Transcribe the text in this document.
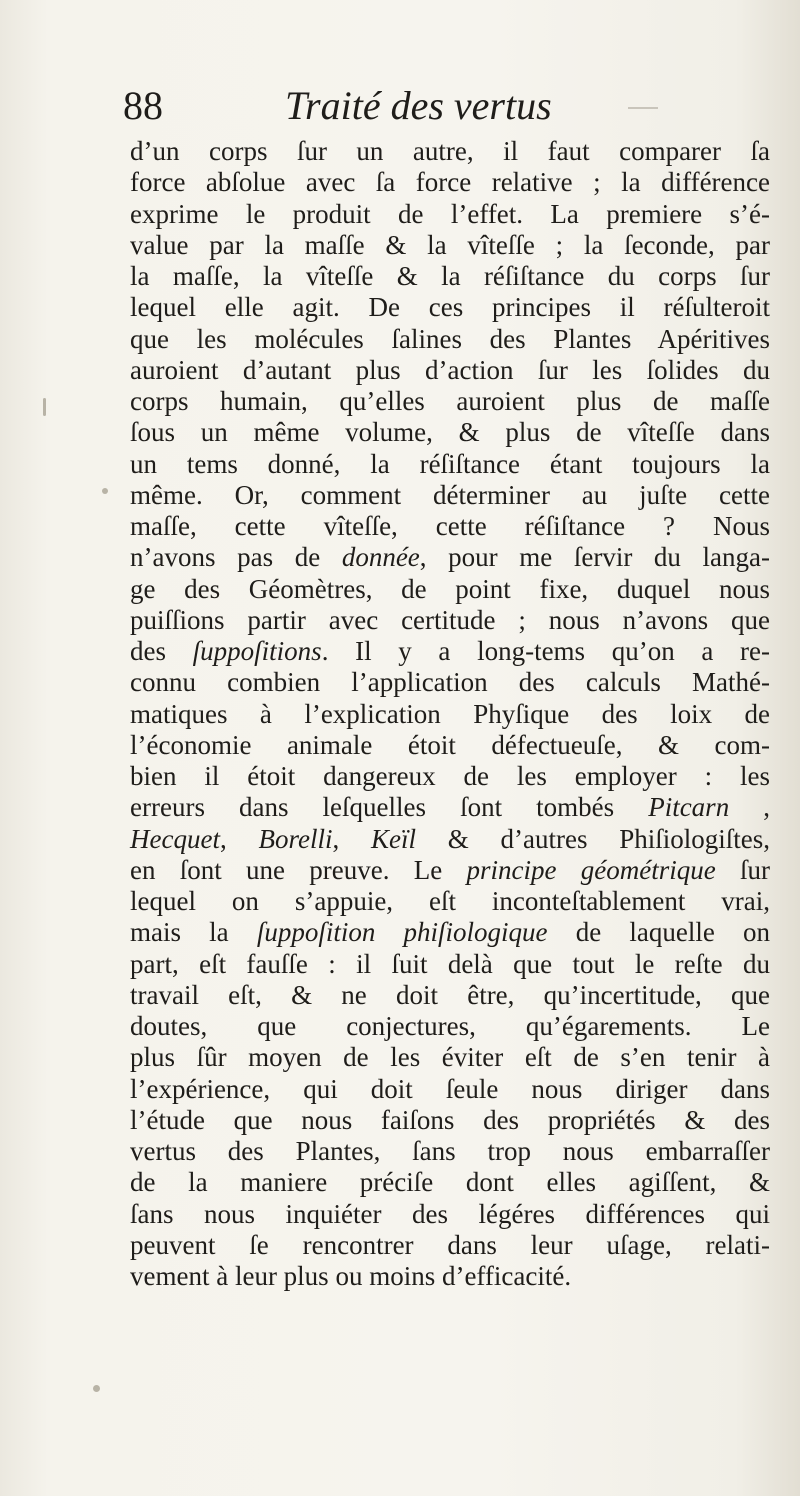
88	Traité des vertus
d’un corps ſur un autre, il faut comparer ſa
force abſolue avec ſa force relative ; la différence
exprime le produit de l’effet. La premiere s’é-
value par la maſſe & la vîteſſe ; la ſeconde, par
la maſſe, la vîteſſe & la réſiſtance du corps ſur
lequel elle agit. De ces principes il réſulteroit
que les molécules ſalines des Plantes Apéritives
auroient d’autant plus d’action ſur les ſolides du
corps humain, qu’elles auroient plus de maſſe
ſous un même volume, & plus de vîteſſe dans
un tems donné, la réſiſtance étant toujours la
même. Or, comment déterminer au juſte cette
maſſe, cette vîteſſe, cette réſiſtance ? Nous
n’avons pas de donnée, pour me ſervir du langa-
ge des Géomètres, de point fixe, duquel nous
puiſſions partir avec certitude ; nous n’avons que
des ſuppoſitions. Il y a long-tems qu’on a re-
connu combien l’application des calculs Mathé-
matiques à l’explication Phyſique des loix de
l’économie animale étoit défectueuſe, & com-
bien il étoit dangereux de les employer : les
erreurs dans leſquelles ſont tombés Pitcarn ,
Hecquet, Borelli, Keïl & d’autres Phiſiologiſtes,
en ſont une preuve. Le principe géométrique ſur
lequel on s’appuie, eſt inconteſtablement vrai,
mais la ſuppoſition phiſiologique de laquelle on
part, eſt fauſſe : il ſuit delà que tout le reſte du
travail eſt, & ne doit être, qu’incertitude, que
doutes, que conjectures, qu’égarements. Le
plus ſûr moyen de les éviter eſt de s’en tenir à
l’expérience, qui doit ſeule nous diriger dans
l’étude que nous faiſons des propriétés & des
vertus des Plantes, ſans trop nous embarraſſer
de la maniere préciſe dont elles agiſſent, &
ſans nous inquiéter des légéres différences qui
peuvent ſe rencontrer dans leur uſage, relati-
vement à leur plus ou moins d’efficacité.
